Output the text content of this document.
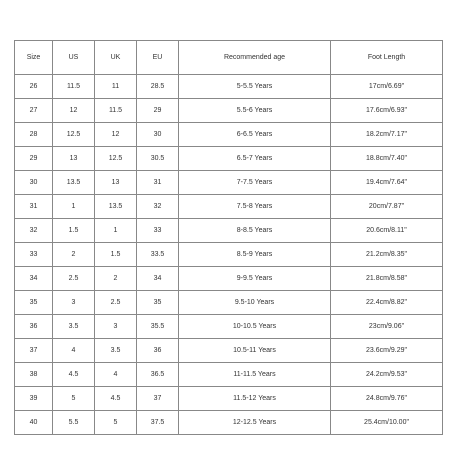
Size	US	UK	EU	Recommended age	Foot Length
26	11.5	11	28.5	5-5.5 Years	17cm/6.69"
27	12	11.5	29	5.5-6 Years	17.6cm/6.93"
28	12.5	12	30	6-6.5 Years	18.2cm/7.17"
29	13	12.5	30.5	6.5-7 Years	18.8cm/7.40"
30	13.5	13	31	7-7.5 Years	19.4cm/7.64"
31	1	13.5	32	7.5-8 Years	20cm/7.87"
32	1.5	1	33	8-8.5 Years	20.6cm/8.11"
33	2	1.5	33.5	8.5-9 Years	21.2cm/8.35"
34	2.5	2	34	9-9.5 Years	21.8cm/8.58"
35	3	2.5	35	9.5-10 Years	22.4cm/8.82"
36	3.5	3	35.5	10-10.5 Years	23cm/9.06"
37	4	3.5	36	10.5-11 Years	23.6cm/9.29"
38	4.5	4	36.5	11-11.5 Years	24.2cm/9.53"
39	5	4.5	37	11.5-12 Years	24.8cm/9.76"
40	5.5	5	37.5	12-12.5 Years	25.4cm/10.00"
